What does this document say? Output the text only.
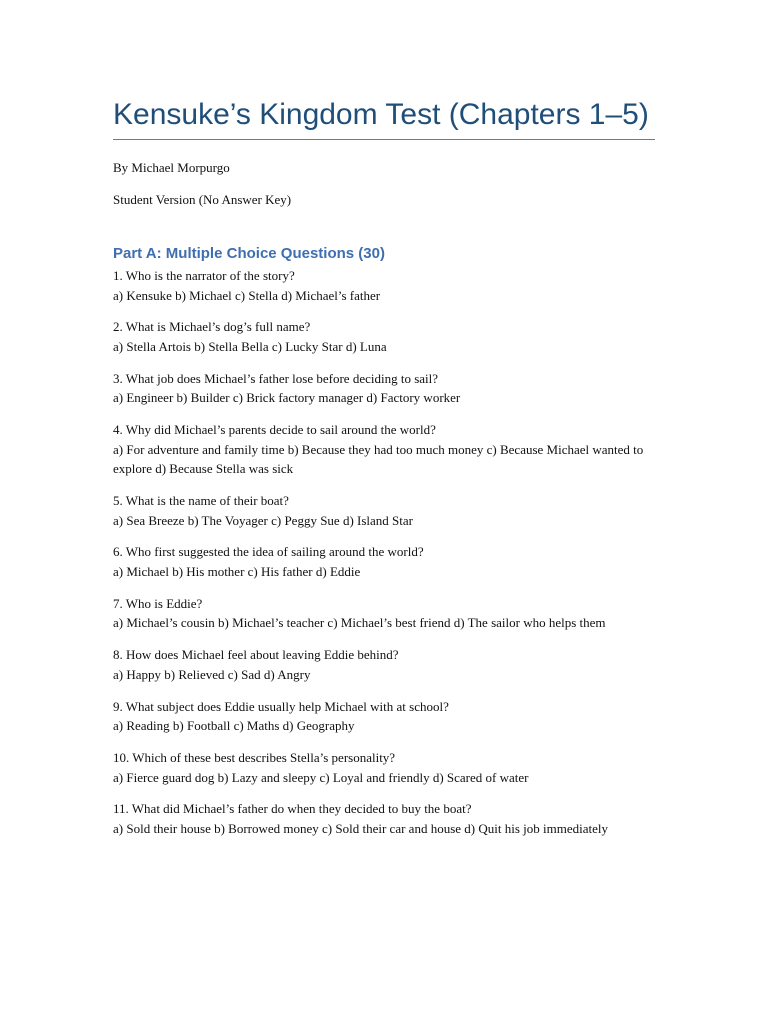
Kensuke’s Kingdom Test (Chapters 1–5)
By Michael Morpurgo
Student Version (No Answer Key)
Part A: Multiple Choice Questions (30)
1. Who is the narrator of the story?
a) Kensuke b) Michael c) Stella d) Michael’s father
2. What is Michael’s dog’s full name?
a) Stella Artois b) Stella Bella c) Lucky Star d) Luna
3. What job does Michael’s father lose before deciding to sail?
a) Engineer b) Builder c) Brick factory manager d) Factory worker
4. Why did Michael’s parents decide to sail around the world?
a) For adventure and family time b) Because they had too much money c) Because Michael wanted to explore d) Because Stella was sick
5. What is the name of their boat?
a) Sea Breeze b) The Voyager c) Peggy Sue d) Island Star
6. Who first suggested the idea of sailing around the world?
a) Michael b) His mother c) His father d) Eddie
7. Who is Eddie?
a) Michael’s cousin b) Michael’s teacher c) Michael’s best friend d) The sailor who helps them
8. How does Michael feel about leaving Eddie behind?
a) Happy b) Relieved c) Sad d) Angry
9. What subject does Eddie usually help Michael with at school?
a) Reading b) Football c) Maths d) Geography
10. Which of these best describes Stella’s personality?
a) Fierce guard dog b) Lazy and sleepy c) Loyal and friendly d) Scared of water
11. What did Michael’s father do when they decided to buy the boat?
a) Sold their house b) Borrowed money c) Sold their car and house d) Quit his job immediately
